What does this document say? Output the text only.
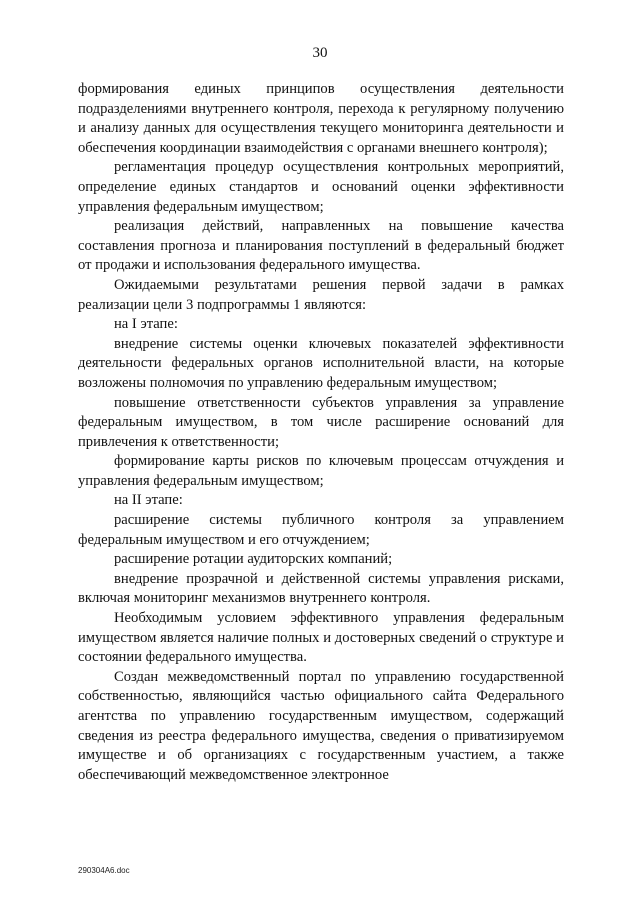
30

формирования единых принципов осуществления деятельности подразделениями внутреннего контроля, перехода к регулярному получению и анализу данных для осуществления текущего мониторинга деятельности и обеспечения координации взаимодействия с органами внешнего контроля);

регламентация процедур осуществления контрольных мероприятий, определение единых стандартов и оснований оценки эффективности управления федеральным имуществом;

реализация действий, направленных на повышение качества составления прогноза и планирования поступлений в федеральный бюджет от продажи и использования федерального имущества.

Ожидаемыми результатами решения первой задачи в рамках реализации цели 3 подпрограммы 1 являются:

на I этапе:

внедрение системы оценки ключевых показателей эффективности деятельности федеральных органов исполнительной власти, на которые возложены полномочия по управлению федеральным имуществом;

повышение ответственности субъектов управления за управление федеральным имуществом, в том числе расширение оснований для привлечения к ответственности;

формирование карты рисков по ключевым процессам отчуждения и управления федеральным имуществом;

на II этапе:

расширение системы публичного контроля за управлением федеральным имуществом и его отчуждением;

расширение ротации аудиторских компаний;

внедрение прозрачной и действенной системы управления рисками, включая мониторинг механизмов внутреннего контроля.

Необходимым условием эффективного управления федеральным имуществом является наличие полных и достоверных сведений о структуре и состоянии федерального имущества.

Создан межведомственный портал по управлению государственной собственностью, являющийся частью официального сайта Федерального агентства по управлению государственным имуществом, содержащий сведения из реестра федерального имущества, сведения о приватизируемом имуществе и об организациях с государственным участием, а также обеспечивающий межведомственное электронное

290304А6.doc
